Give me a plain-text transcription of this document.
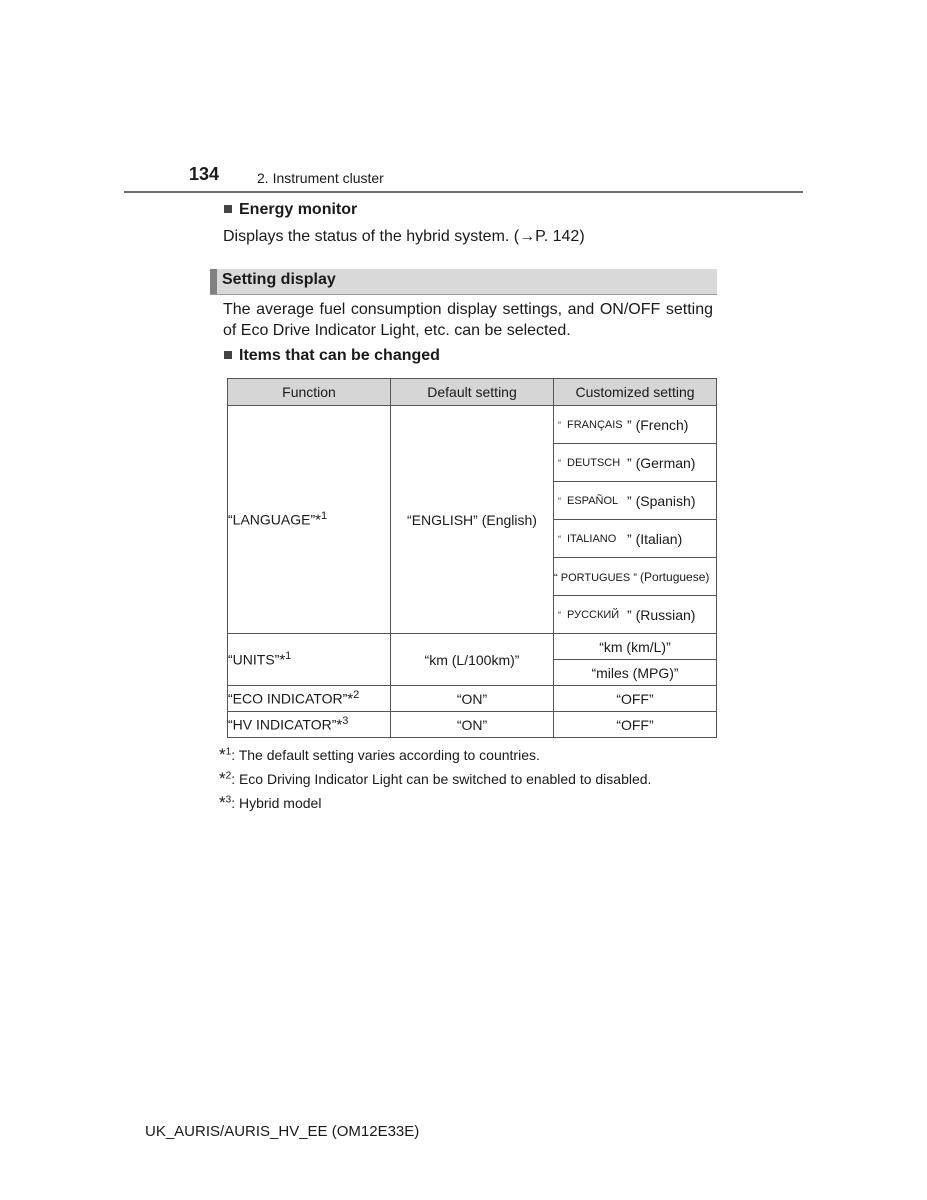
134	2. Instrument cluster
Energy monitor
Displays the status of the hybrid system. (→P. 142)
Setting display
The average fuel consumption display settings, and ON/OFF setting of Eco Drive Indicator Light, etc. can be selected.
Items that can be changed
Function	Default setting	Customized setting
“LANGUAGE”*$^1$	“ENGLISH” (English)	“ FRANÇAIS ” (French)
		“ DEUTSCH ” (German)
		“ ESPAÑOL ” (Spanish)
		“ ITALIANO ” (Italian)
		“ PORTUGUES ” (Portuguese)
		“ РУССКИЙ ” (Russian)
“UNITS”*$^1$	“km (L/100km)”	“km (km/L)”
		“miles (MPG)”
“ECO INDICATOR”*$^2$	“ON”	“OFF”
“HV INDICATOR”*$^3$	“ON”	“OFF”
*$^1$: The default setting varies according to countries.
*$^2$: Eco Driving Indicator Light can be switched to enabled to disabled.
*$^3$: Hybrid model
UK_AURIS/AURIS_HV_EE (OM12E33E)
